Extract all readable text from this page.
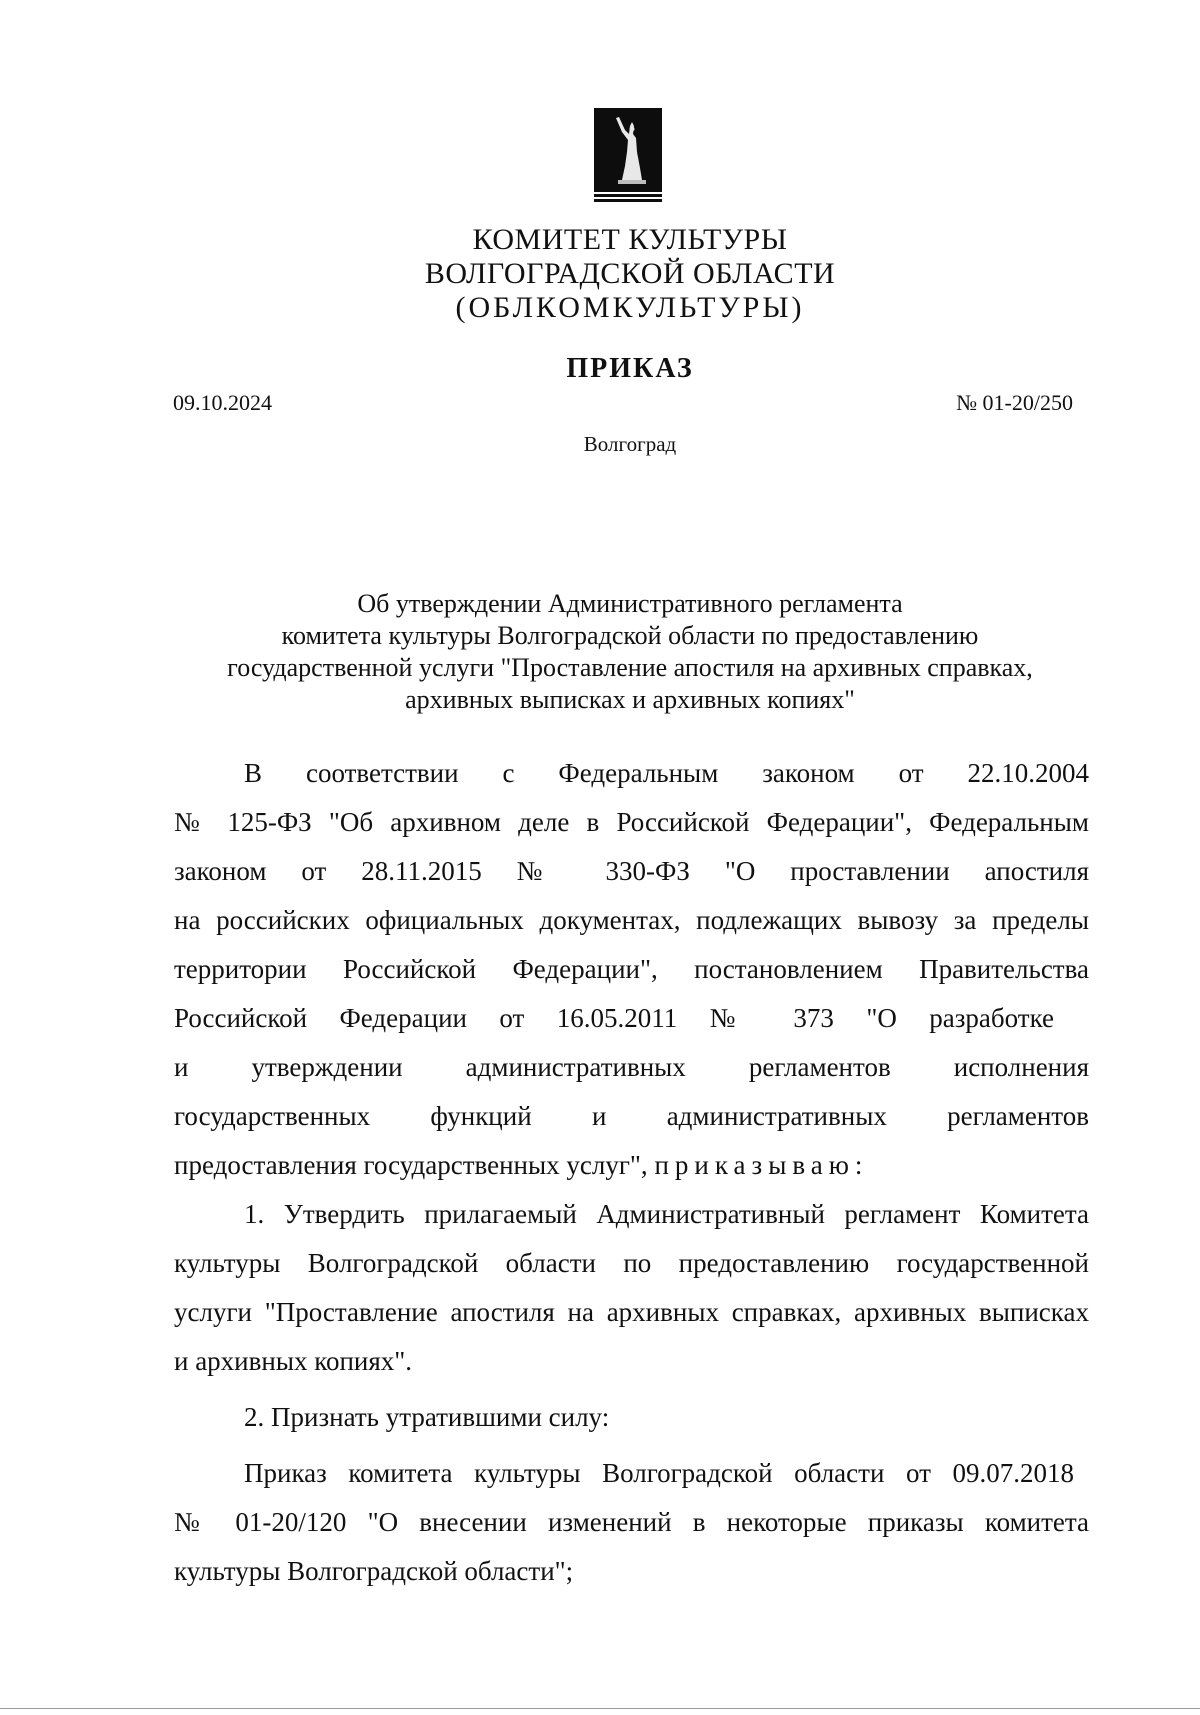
КОМИТЕТ КУЛЬТУРЫ
ВОЛГОГРАДСКОЙ ОБЛАСТИ
(ОБЛКОМКУЛЬТУРЫ)
ПРИКАЗ
09.10.2024	№ 01-20/250
Волгоград
Об утверждении Административного регламента
комитета культуры Волгоградской области по предоставлению
государственной услуги "Проставление апостиля на архивных справках,
архивных выписках и архивных копиях"
В соответствии с Федеральным законом от 22.10.2004
№ 125-ФЗ "Об архивном деле в Российской Федерации", Федеральным
законом от 28.11.2015 № 330-ФЗ "О проставлении апостиля
на российских официальных документах, подлежащих вывозу за пределы
территории Российской Федерации", постановлением Правительства
Российской Федерации от 16.05.2011 № 373 "О разработке
и утверждении административных регламентов исполнения
государственных функций и административных регламентов
предоставления государственных услуг", приказываю:
1. Утвердить прилагаемый Административный регламент Комитета
культуры Волгоградской области по предоставлению государственной
услуги "Проставление апостиля на архивных справках, архивных выписках
и архивных копиях".
2. Признать утратившими силу:
Приказ комитета культуры Волгоградской области от 09.07.2018
№ 01-20/120 "О внесении изменений в некоторые приказы комитета
культуры Волгоградской области";
